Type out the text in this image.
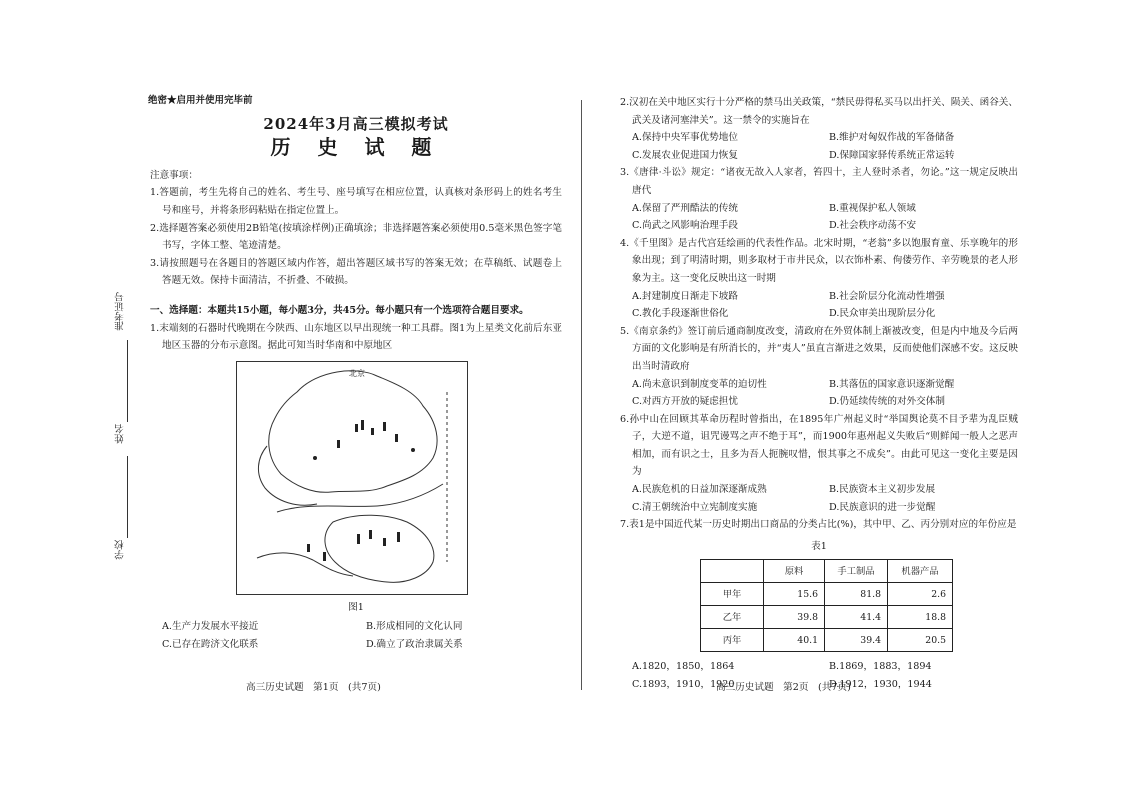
准考证号
姓名
学校
绝密★启用并使用完毕前
2024年3月高三模拟考试
历 史 试 题
注意事项：

1.答题前，考生先将自己的姓名、考生号、座号填写在相应位置，认真核对条形码上的姓名考生号和座号，并将条形码粘贴在指定位置上。

2.选择题答案必须使用2B铅笔(按填涂样例)正确填涂；非选择题答案必须使用0.5毫米黑色签字笔书写，字体工整、笔迹清楚。

3.请按照题号在各题目的答题区域内作答，超出答题区域书写的答案无效；在草稿纸、试题卷上答题无效。保持卡面清洁，不折叠、不破损。

一、选择题：本题共15小题，每小题3分，共45分。每小题只有一个选项符合题目要求。

1.末端刻的石器时代晚期在今陕西、山东地区以早出现统一种工具群。图1为上星类文化前后东亚地区玉器的分布示意图。据此可知当时华南和中原地区

北京
图1
A.生产力发展水平接近	B.形成相同的文化认同
C.已存在跨济文化联系	D.确立了政治隶属关系
高三历史试题　第1页　(共7页)

2.汉初在关中地区实行十分严格的禁马出关政策，“禁民毋得私买马以出扞关、陨关、函谷关、武关及诸河塞津关”。这一禁令的实施旨在

A.保持中央军事优势地位	B.维护对匈奴作战的军备储备
C.发展农业促进国力恢复	D.保障国家驿传系统正常运转

3.《唐律·斗讼》规定：“诸夜无故入人家者，笞四十，主人登时杀者，勿论。”这一规定反映出唐代

A.保留了严刑酷法的传统	B.重视保护私人领域
C.尚武之风影响治理手段	D.社会秩序动荡不安

4.《千里图》是古代宫廷绘画的代表性作品。北宋时期，“老翁”多以饱服育童、乐享晚年的形象出现；到了明清时期，则多取材于市井民众，以衣饰朴素、佝偻劳作、辛劳晚景的老人形象为主。这一变化反映出这一时期

A.封建制度日渐走下坡路	B.社会阶层分化流动性增强
C.教化手段逐渐世俗化	D.民众审美出现阶层分化

5.《南京条约》签订前后通商制度改变，清政府在外贸体制上渐被改变，但是内中地及今后两方面的文化影响是有所消长的，并“夷人”虽直言渐进之效果，反而使他们深感不安。这反映出当时清政府

A.尚未意识到制度变革的迫切性	B.其落伍的国家意识逐渐觉醒
C.对西方开放的疑虑担忧	D.仍延续传统的对外交体制

6.孙中山在回顾其革命历程时曾指出，在1895年广州起义时“举国舆论莫不目予辈为乱臣贼子，大逆不道，诅咒谩骂之声不绝于耳”，而1900年惠州起义失败后“则鲜闻一般人之恶声相加，而有识之士，且多为吾人扼腕叹惜，恨其事之不成矣”。由此可见这一变化主要是因为

A.民族危机的日益加深逐渐成熟	B.民族资本主义初步发展
C.清王朝统治中立宪制度实施	D.民族意识的进一步觉醒

7.表1是中国近代某一历史时期出口商品的分类占比(%)，其中甲、乙、丙分别对应的年份应是

表1
	原料	手工制品	机器产品
甲年	15.6	81.8	2.6
乙年	39.8	41.4	18.8
丙年	40.1	39.4	20.5
A.1820，1850，1864	B.1869，1883，1894
C.1893，1910，1920	D.1912，1930，1944
高三历史试题　第2页　(共7页)
